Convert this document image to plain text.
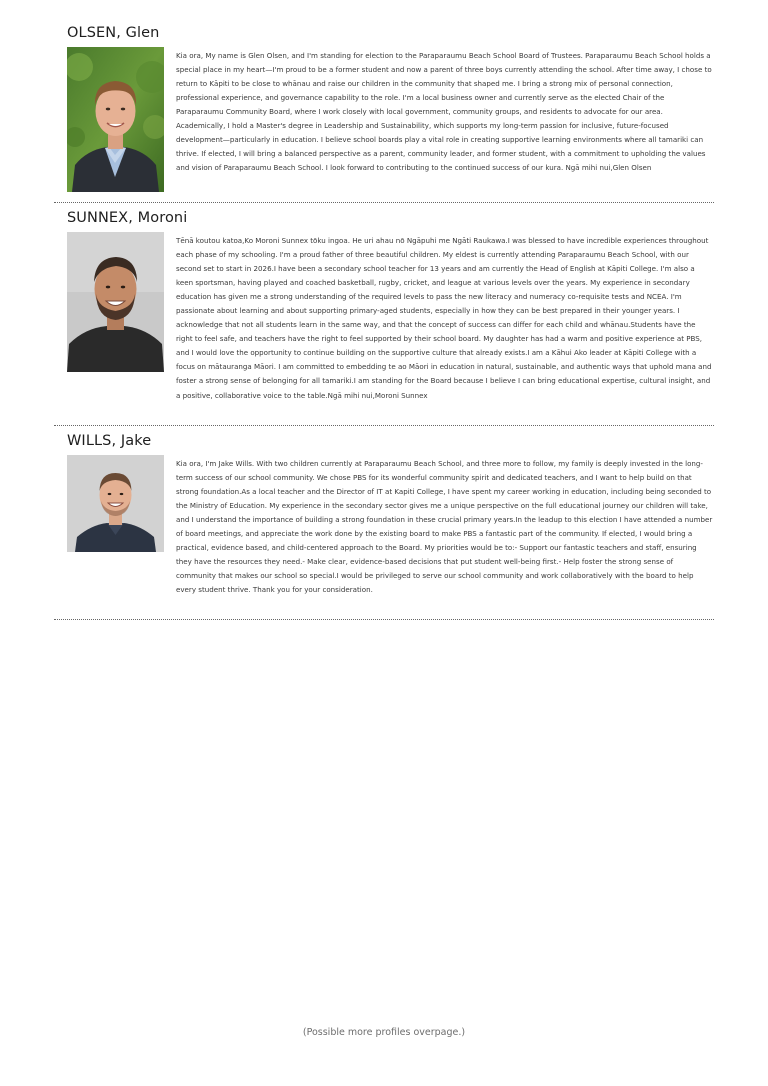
OLSEN, Glen

Kia ora, My name is Glen Olsen, and I'm standing for election to the Paraparaumu Beach School Board of Trustees. Paraparaumu Beach School holds a special place in my heart—I'm proud to be a former student and now a parent of three boys currently attending the school. After time away, I chose to return to Kāpiti to be close to whānau and raise our children in the community that shaped me. I bring a strong mix of personal connection, professional experience, and governance capability to the role. I'm a local business owner and currently serve as the elected Chair of the Paraparaumu Community Board, where I work closely with local government, community groups, and residents to advocate for our area. Academically, I hold a Master's degree in Leadership and Sustainability, which supports my long-term passion for inclusive, future-focused development—particularly in education. I believe school boards play a vital role in creating supportive learning environments where all tamariki can thrive. If elected, I will bring a balanced perspective as a parent, community leader, and former student, with a commitment to upholding the values and vision of Paraparaumu Beach School. I look forward to contributing to the continued success of our kura. Ngā mihi nui,Glen Olsen

SUNNEX, Moroni

Tēnā koutou katoa,Ko Moroni Sunnex tōku ingoa. He uri ahau nō Ngāpuhi me Ngāti Raukawa.I was blessed to have incredible experiences throughout each phase of my schooling. I'm a proud father of three beautiful children. My eldest is currently attending Paraparaumu Beach School, with our second set to start in 2026.I have been a secondary school teacher for 13 years and am currently the Head of English at Kāpiti College. I'm also a keen sportsman, having played and coached basketball, rugby, cricket, and league at various levels over the years. My experience in secondary education has given me a strong understanding of the required levels to pass the new literacy and numeracy co-requisite tests and NCEA. I'm passionate about learning and about supporting primary-aged students, especially in how they can be best prepared in their younger years. I acknowledge that not all students learn in the same way, and that the concept of success can differ for each child and whānau.Students have the right to feel safe, and teachers have the right to feel supported by their school board. My daughter has had a warm and positive experience at PBS, and I would love the opportunity to continue building on the supportive culture that already exists.I am a Kāhui Ako leader at Kāpiti College with a focus on mātauranga Māori. I am committed to embedding te ao Māori in education in natural, sustainable, and authentic ways that uphold mana and foster a strong sense of belonging for all tamariki.I am standing for the Board because I believe I can bring educational expertise, cultural insight, and a positive, collaborative voice to the table.Ngā mihi nui,Moroni Sunnex

WILLS, Jake

Kia ora, I'm Jake Wills. With two children currently at Paraparaumu Beach School, and three more to follow, my family is deeply invested in the long-term success of our school community. We chose PBS for its wonderful community spirit and dedicated teachers, and I want to help build on that strong foundation.As a local teacher and the Director of IT at Kapiti College, I have spent my career working in education, including being seconded to the Ministry of Education. My experience in the secondary sector gives me a unique perspective on the full educational journey our children will take, and I understand the importance of building a strong foundation in these crucial primary years.In the leadup to this election I have attended a number of board meetings, and appreciate the work done by the existing board to make PBS a fantastic part of the community. If elected, I would bring a practical, evidence based, and child-centered approach to the Board. My priorities would be to:- Support our fantastic teachers and staff, ensuring they have the resources they need.- Make clear, evidence-based decisions that put student well-being first.- Help foster the strong sense of community that makes our school so special.I would be privileged to serve our school community and work collaboratively with the board to help every student thrive. Thank you for your consideration.

(Possible more profiles overpage.)
